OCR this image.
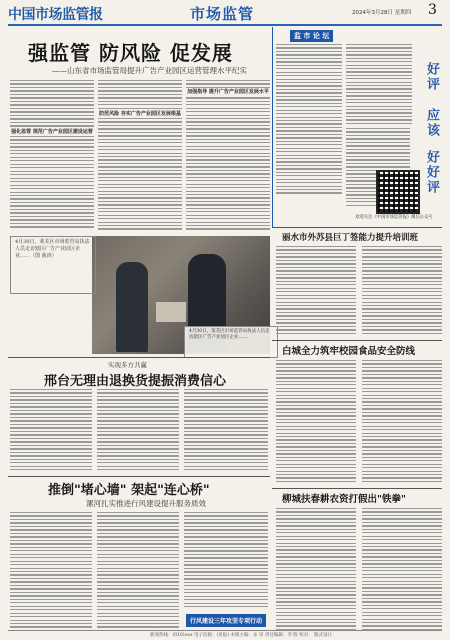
中国市场监管报	市场监管	2024年3月28日 星期四 3
强监管 防风险 促发展
——山东省市场监管局提升广告产业园区运营管理水平纪实
强化监管 规范广告产业园区建设运营
防范风险 夯实广告产业园区发展根基
加强指导 提升广告产业园区发展水平
4月30日，莱芜区市场监管局执法人员走访辖区广告产业园区企业……（图 曲涛）
4月30日，莱芜区市场监管局执法人员走访辖区广告产业园区企业……
监 市 论 坛
好评
应该
好好评
欢迎关注《中国市场监管报》微信公众号
丽水市外苏县巨丁签能力提升培训班
白城全力筑牢校园食品安全防线
柳城扶春耕农资打假出"铁拳"
实现多方共赢
邢台无理由退换货提振消费信心
推倒"堵心墙" 架起"连心桥"
漯河扎实推进行风建设提升服务质效
行风建设三年攻坚专项行动
新闻热线：(010)xxx 电子信箱：(见报) 本版主编：宋 审 责任编辑：李 版 校对： 版式设计：
